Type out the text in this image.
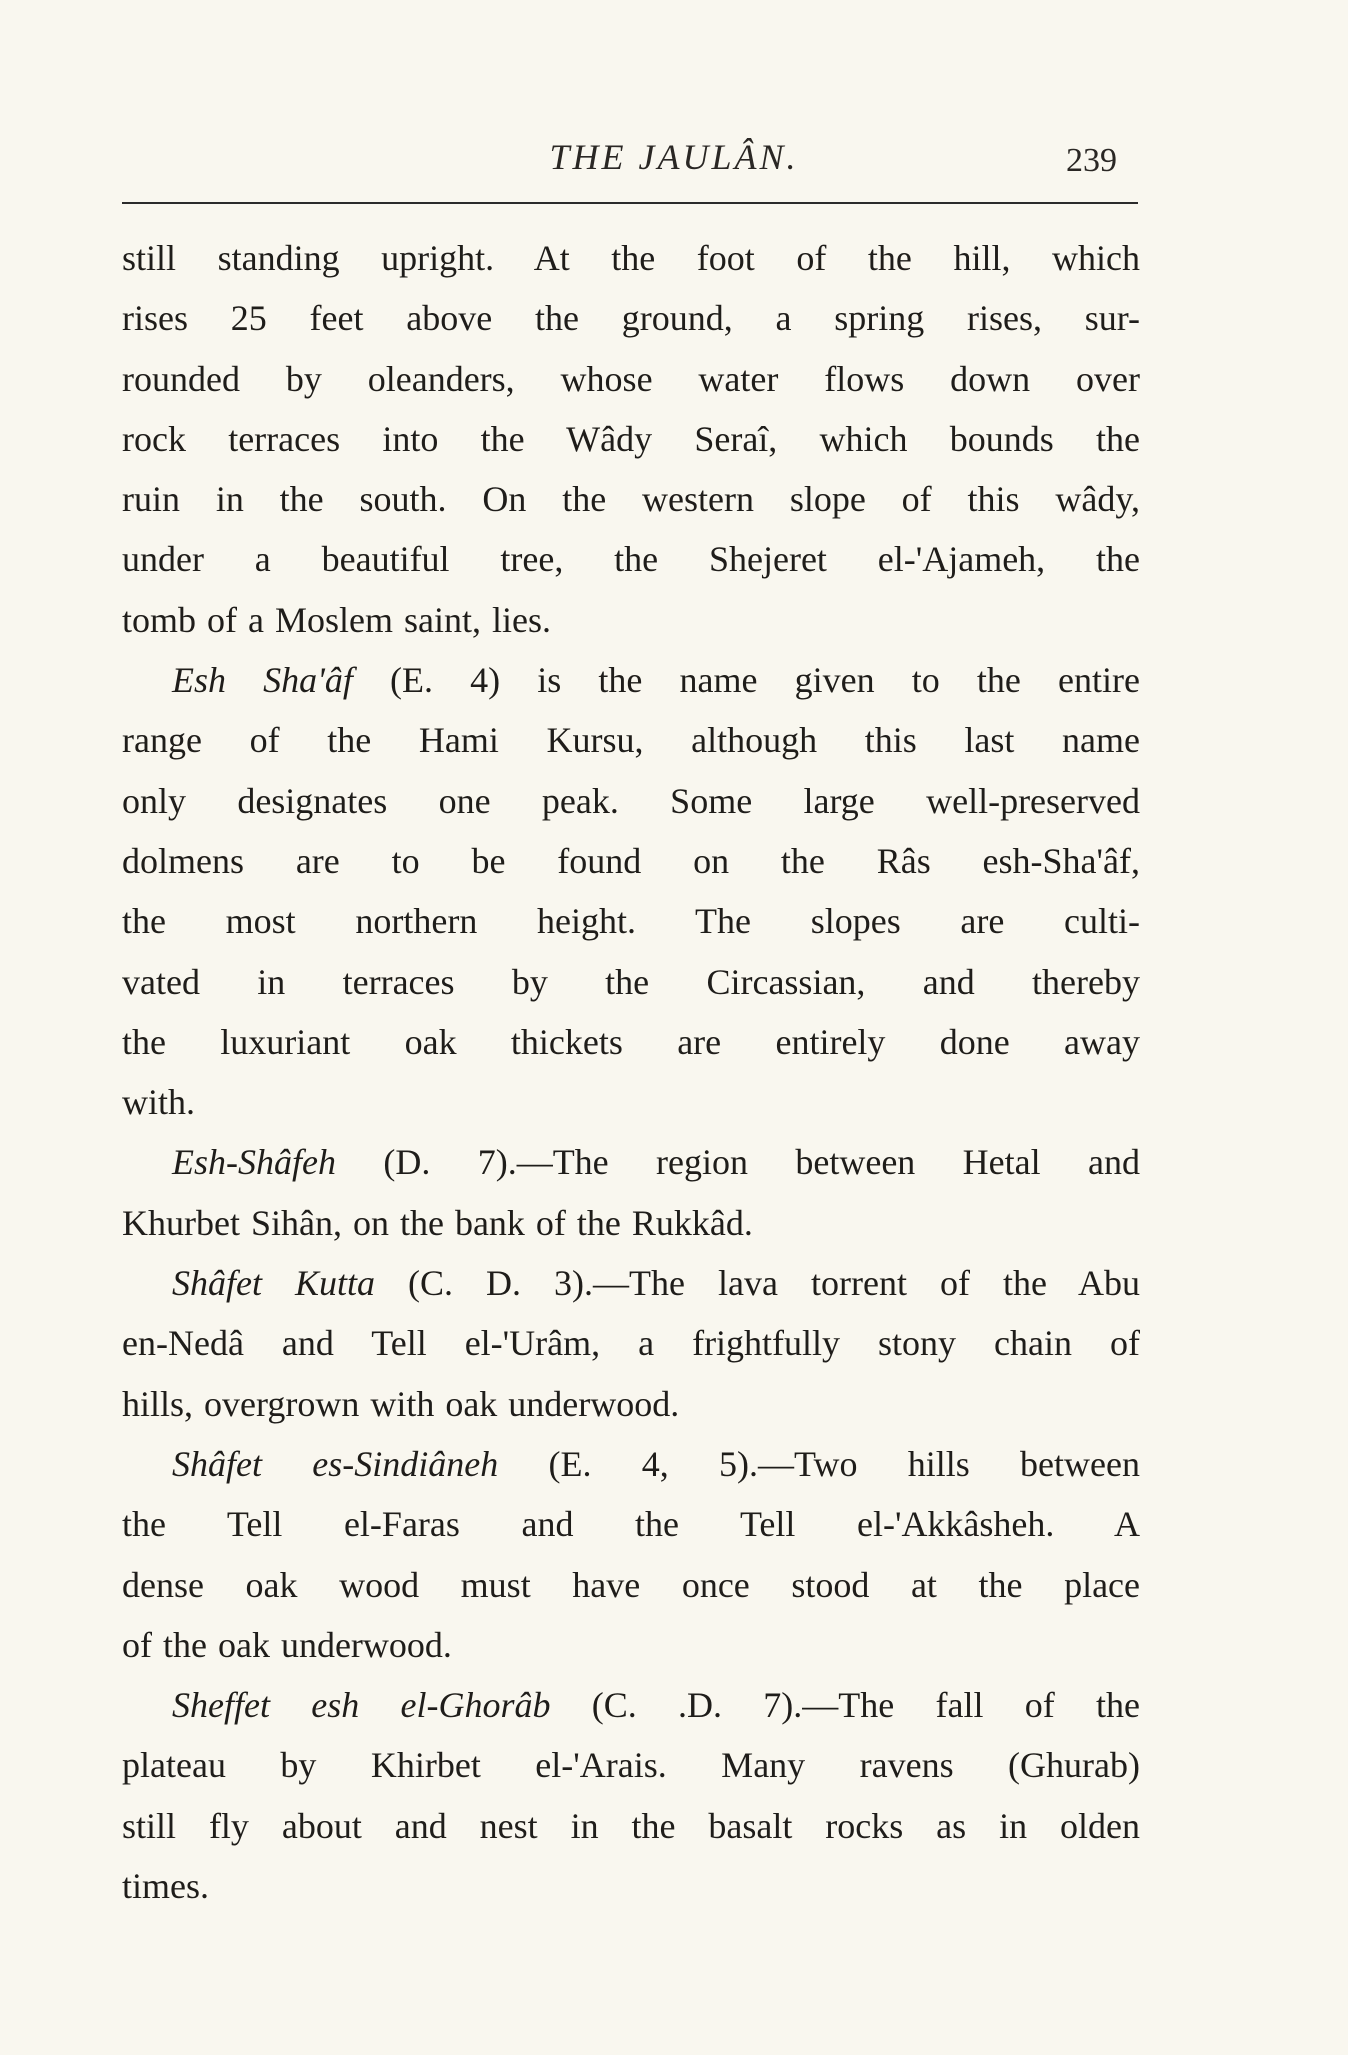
THE JAULÂN.	239
still standing upright. At the foot of the hill, which
rises 25 feet above the ground, a spring rises, sur-
rounded by oleanders, whose water flows down over
rock terraces into the Wâdy Seraî, which bounds the
ruin in the south. On the western slope of this wâdy,
under a beautiful tree, the Shejeret el-'Ajameh, the
tomb of a Moslem saint, lies.
Esh Sha'âf (E. 4) is the name given to the entire
range of the Hami Kursu, although this last name
only designates one peak. Some large well-preserved
dolmens are to be found on the Râs esh-Sha'âf,
the most northern height. The slopes are culti-
vated in terraces by the Circassian, and thereby
the luxuriant oak thickets are entirely done away
with.
Esh-Shâfeh (D. 7).—The region between Hetal and
Khurbet Sihân, on the bank of the Rukkâd.
Shâfet Kutta (C. D. 3).—The lava torrent of the Abu
en-Nedâ and Tell el-'Urâm, a frightfully stony chain of
hills, overgrown with oak underwood.
Shâfet es-Sindiâneh (E. 4, 5).—Two hills between
the Tell el-Faras and the Tell el-'Akkâsheh. A
dense oak wood must have once stood at the place
of the oak underwood.
Sheffet esh el-Ghorâb (C. .D. 7).—The fall of the
plateau by Khirbet el-'Arais. Many ravens (Ghurab)
still fly about and nest in the basalt rocks as in olden
times.
